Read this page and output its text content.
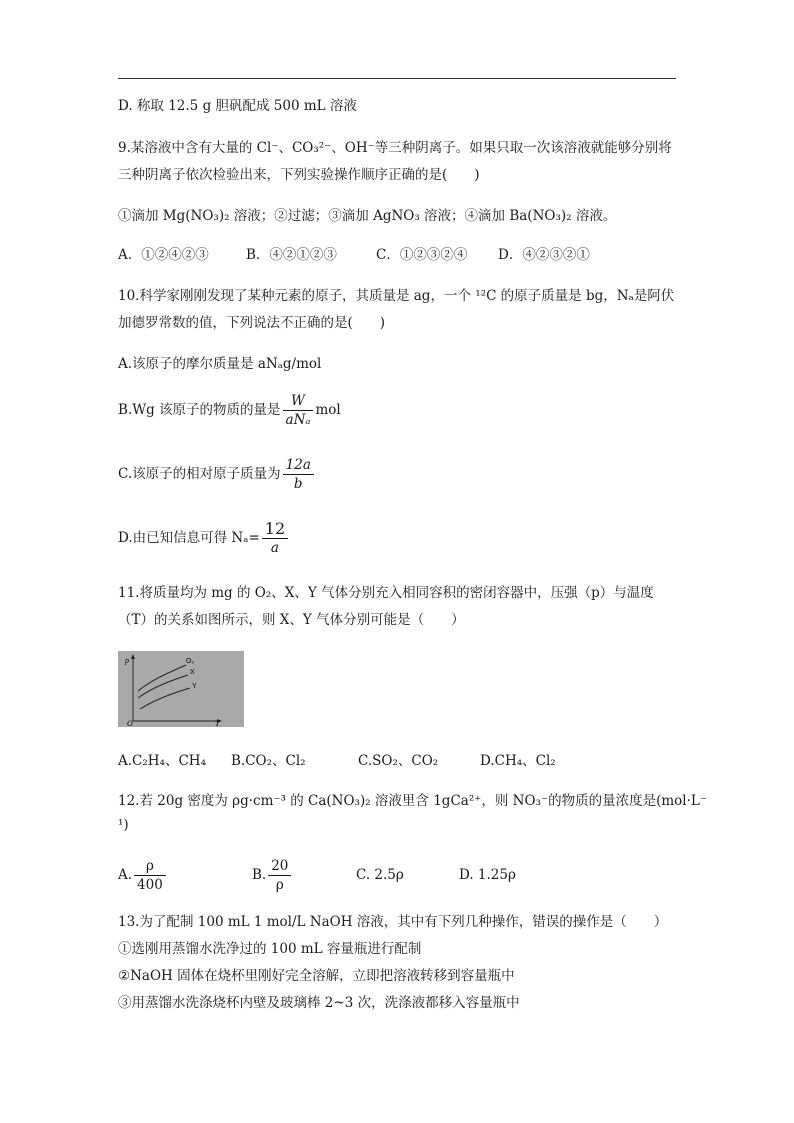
D. 称取 12.5 g 胆矾配成 500 mL 溶液
9.某溶液中含有大量的 Cl⁻、CO₃²⁻、OH⁻等三种阴离子。如果只取一次该溶液就能够分别将
三种阴离子依次检验出来，下列实验操作顺序正确的是(　　)
①滴加 Mg(NO₃)₂ 溶液；②过滤；③滴加 AgNO₃ 溶液；④滴加 Ba(NO₃)₂ 溶液。
A．①②④②③	B．④②①②③	C．①②③②④ D．④②③②①
10.科学家刚刚发现了某种元素的原子，其质量是 ag，一个 ¹²C 的原子质量是 bg，Nₐ是阿伏
加德罗常数的值，下列说法不正确的是(　　)
A.该原子的摩尔质量是 aNₐg/mol
B.Wg 该原子的物质的量是 $\frac{W}{\text{aNₐ}}$ mol
C.该原子的相对原子质量为 $\frac{12a}{b}$
D.由已知信息可得 $N_a= \frac{12}{a}$
11.将质量均为 mg 的 O₂、X、Y 气体分别充入相同容积的密闭容器中，压强（p）与温度
（T）的关系如图所示，则 X、Y 气体分别可能是（　　）
p
T
O
O₂
X
Y
A.C₂H₄、CH₄ B.CO₂、Cl₂	C.SO₂、CO₂	D.CH₄、Cl₂
12.若 20g 密度为 ρg·cm⁻³ 的 Ca(NO₃)₂ 溶液里含 1gCa²⁺，则 NO₃⁻的物质的量浓度是(mol·L⁻
¹)
A. $\frac{\rho}{400}$	B. $\frac{20}{\rho}$	C. 2.5ρ	D. 1.25ρ
13.为了配制 100 mL 1 mol/L NaOH 溶液，其中有下列几种操作，错误的操作是（　　）
①选刚用蒸馏水洗净过的 100 mL 容量瓶进行配制
②NaOH 固体在烧杯里刚好完全溶解，立即把溶液转移到容量瓶中
③用蒸馏水洗涤烧杯内壁及玻璃棒 2~3 次，洗涤液都移入容量瓶中
